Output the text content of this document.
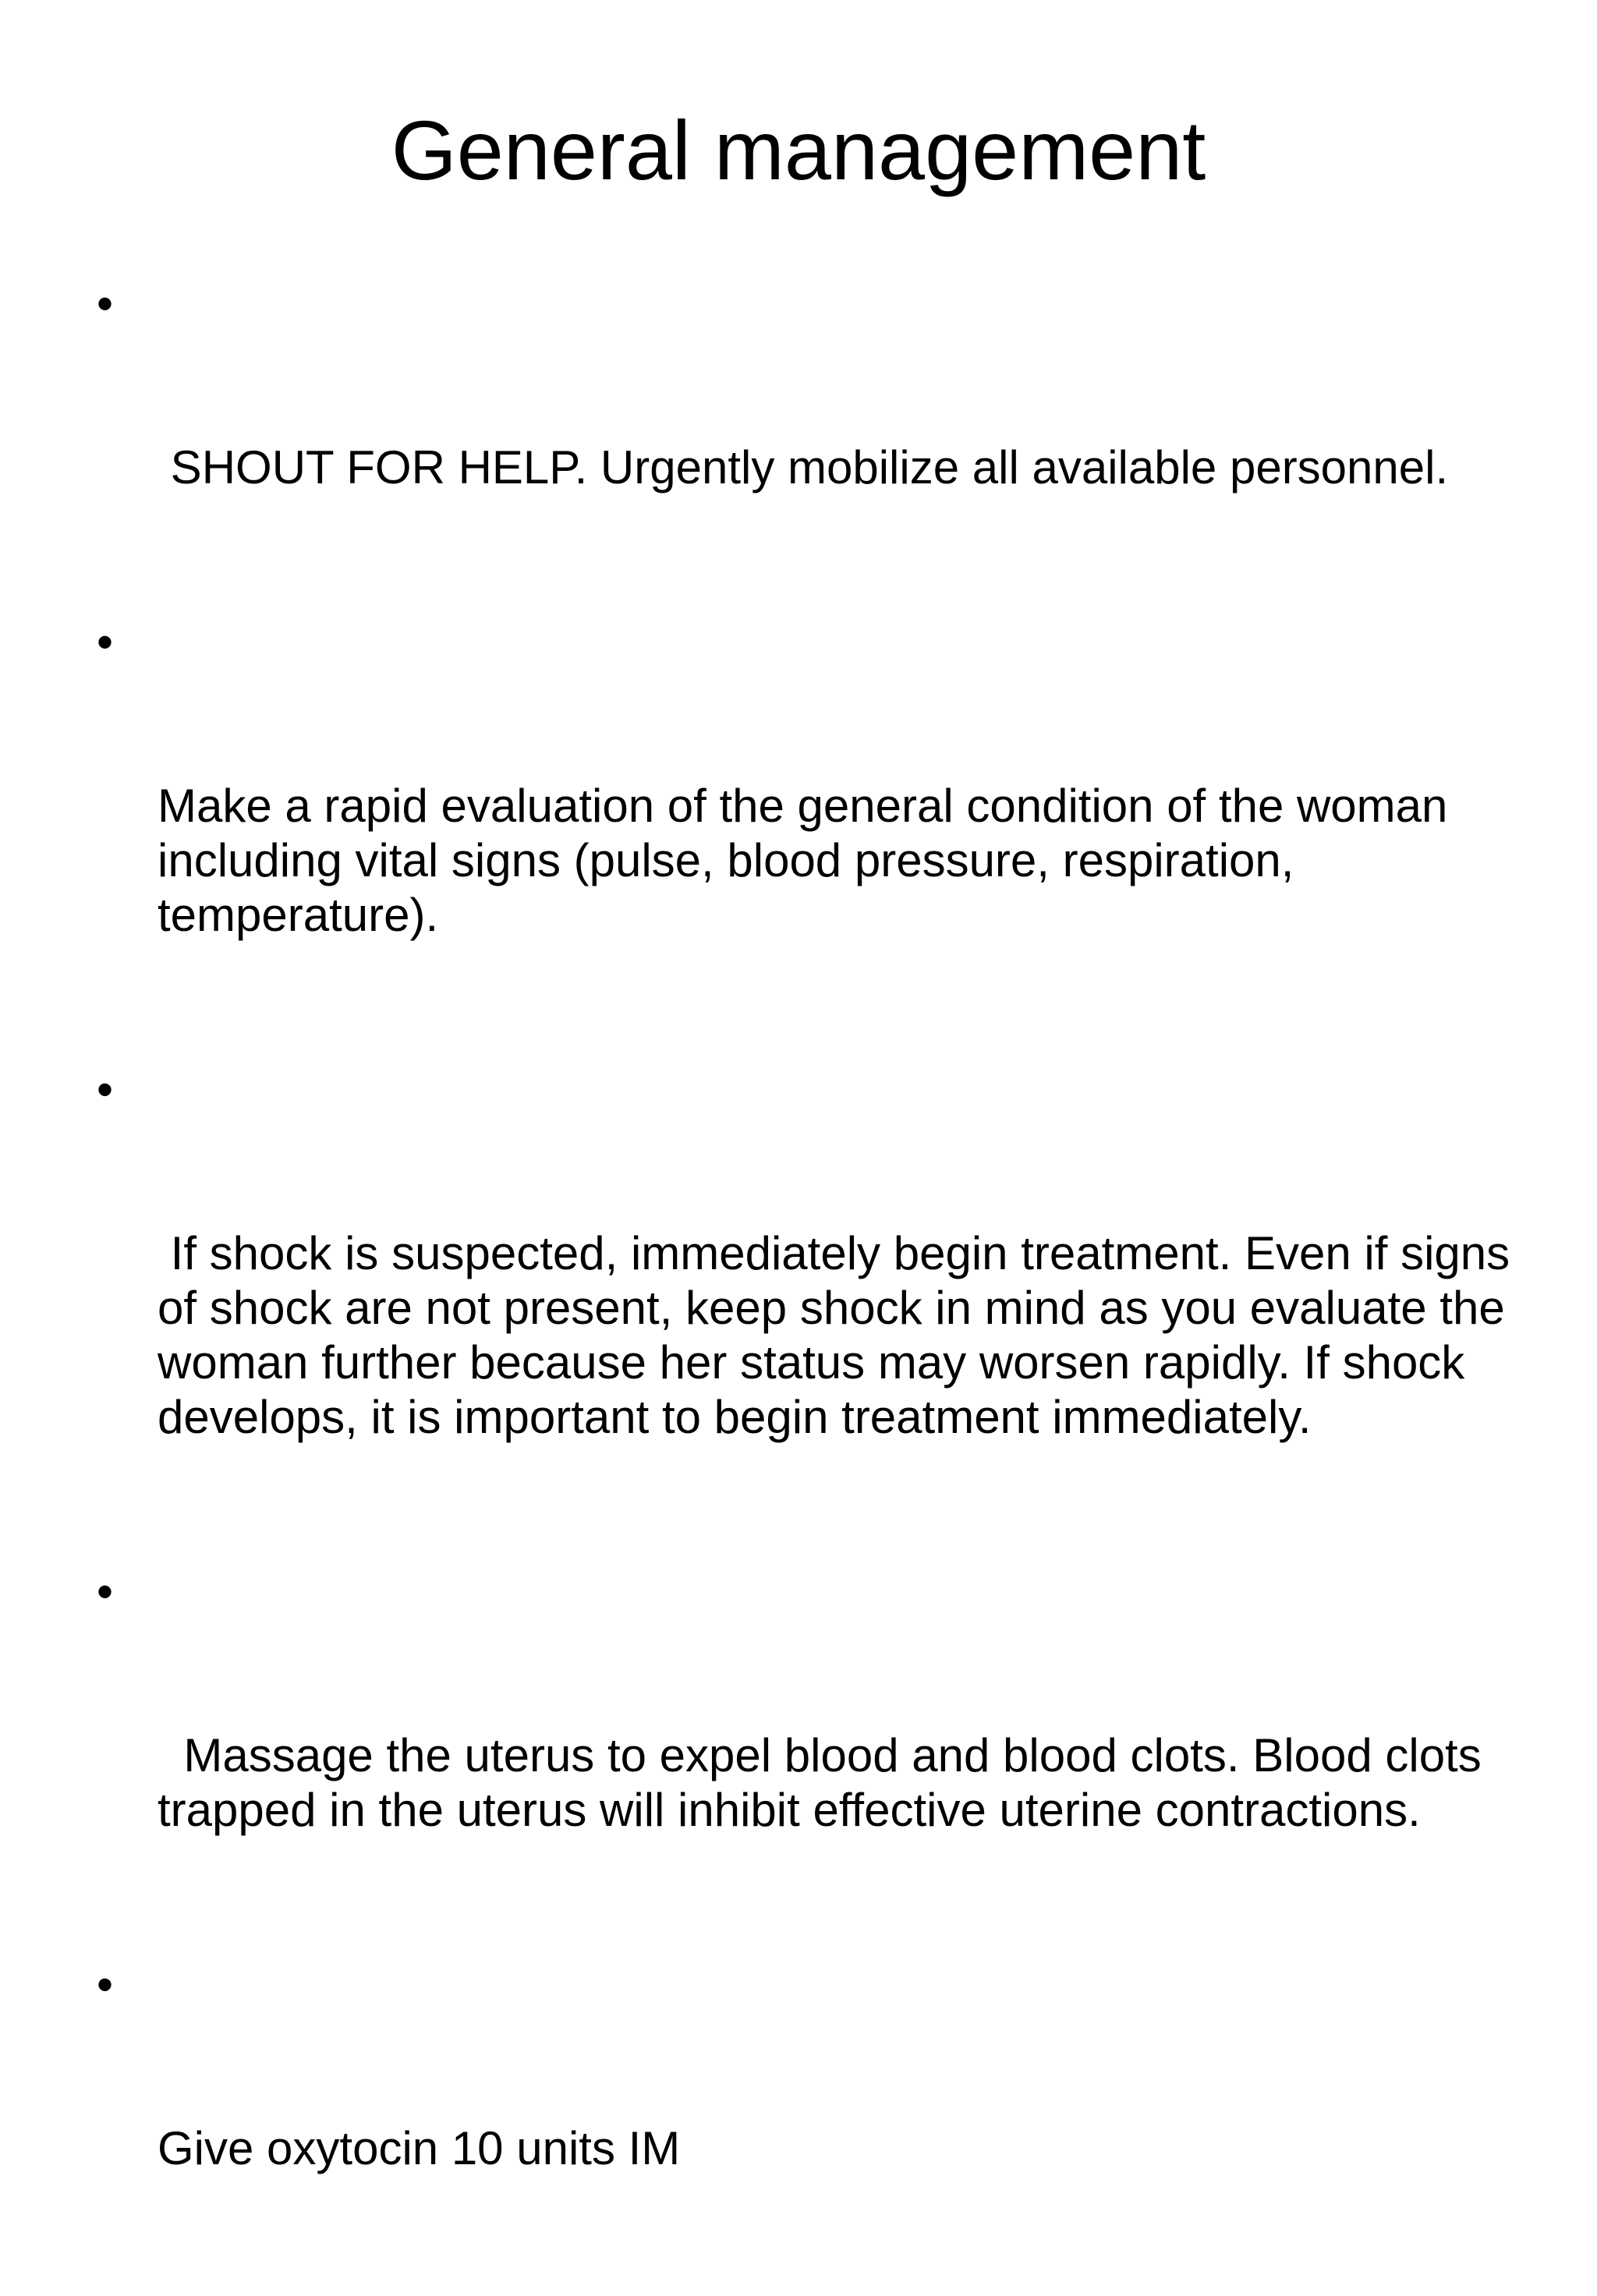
General management

•

SHOUT FOR HELP. Urgently mobilize all available personnel.

•

Make a rapid evaluation of the general condition of the woman including vital signs (pulse, blood pressure, respiration, temperature).

•

If shock is suspected, immediately begin treatment. Even if signs of shock are not present, keep shock in mind as you evaluate the woman further because her status may worsen rapidly. If shock develops, it is important to begin treatment immediately.

•

Massage the uterus to expel blood and blood clots. Blood clots trapped in the uterus will inhibit effective uterine contractions.

•

Give oxytocin 10 units IM
